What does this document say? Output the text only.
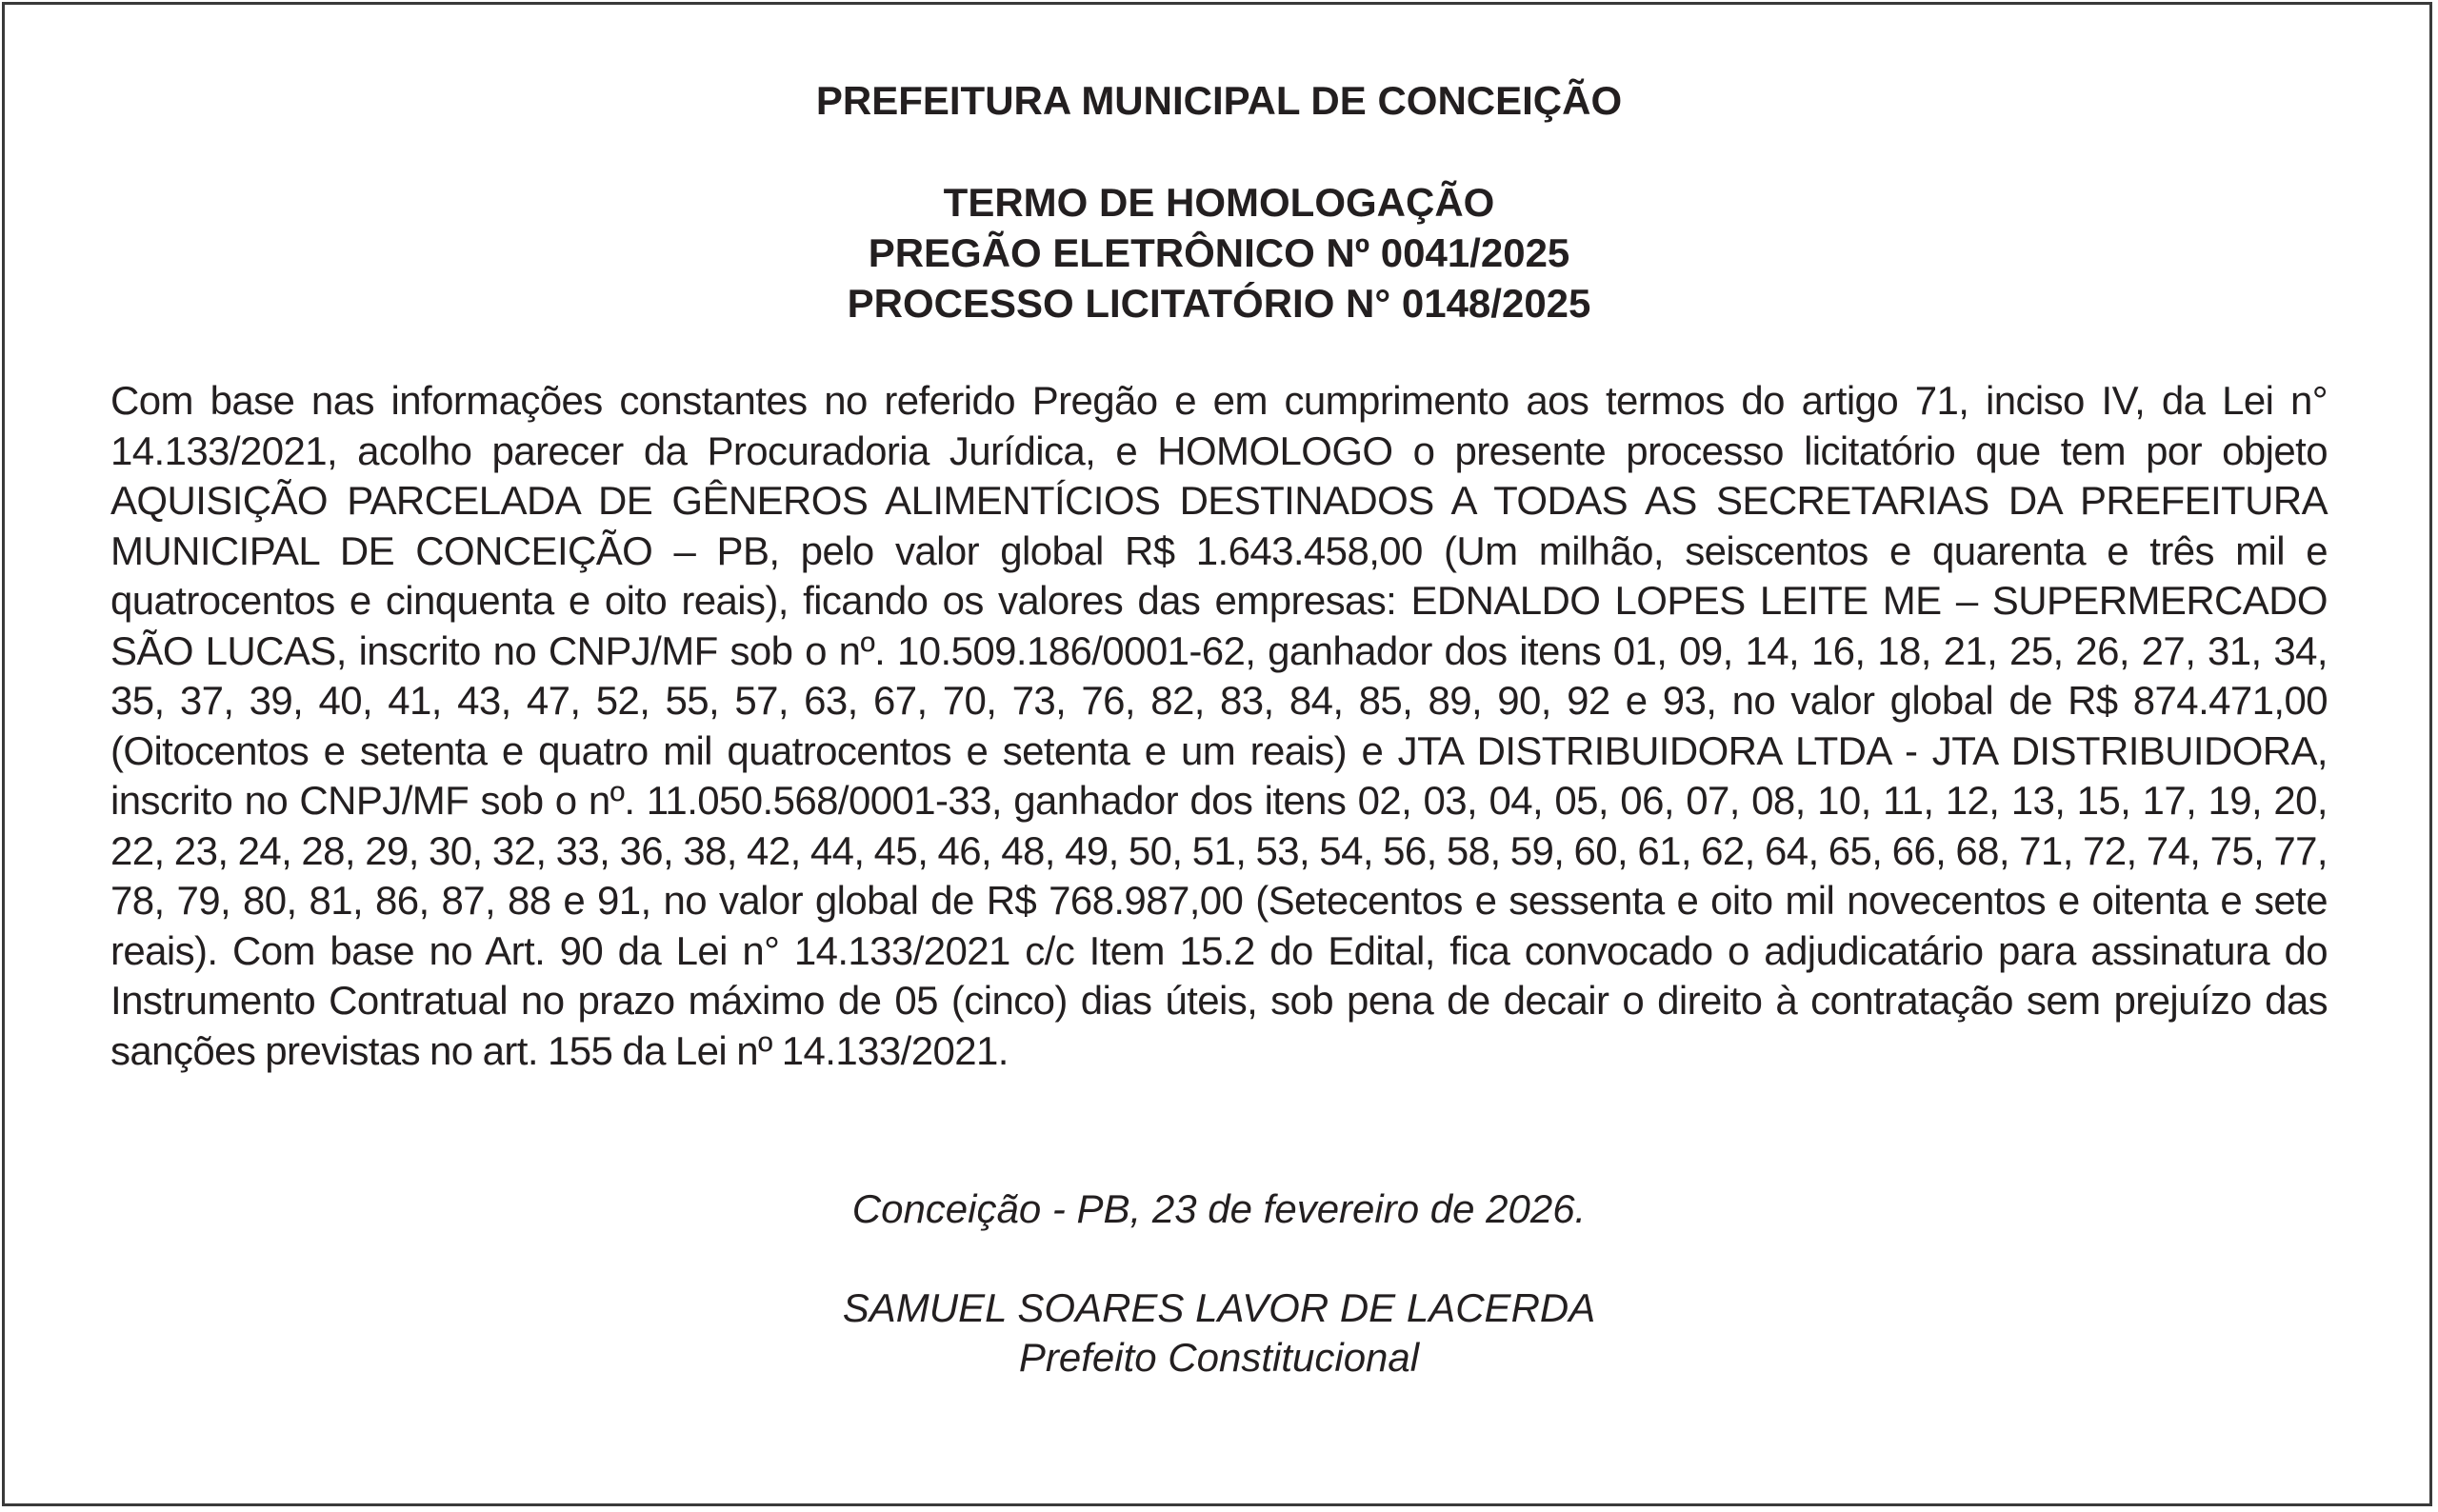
PREFEITURA MUNICIPAL DE CONCEIÇÃO
TERMO DE HOMOLOGAÇÃO
PREGÃO ELETRÔNICO Nº 0041/2025
PROCESSO LICITATÓRIO N° 0148/2025
Com base nas informações constantes no referido Pregão e em cumprimento aos termos do artigo 71, inciso IV, da Lei n° 14.133/2021, acolho parecer da Procuradoria Jurídica, e HOMOLOGO o presente processo licitatório que tem por objeto AQUISIÇÃO PARCELADA DE GÊNEROS ALIMENTÍCIOS DESTINADOS A TODAS AS SECRETARIAS DA PREFEITURA MUNICIPAL DE CONCEIÇÃO – PB, pelo valor global R$ 1.643.458,00 (Um milhão, seiscentos e quarenta e três mil e quatrocentos e cinquenta e oito reais), ficando os valores das empresas: EDNALDO LOPES LEITE ME – SUPERMERCADO SÃO LUCAS, inscrito no CNPJ/MF sob o nº. 10.509.186/0001-62, ganhador dos itens 01, 09, 14, 16, 18, 21, 25, 26, 27, 31, 34, 35, 37, 39, 40, 41, 43, 47, 52, 55, 57, 63, 67, 70, 73, 76, 82, 83, 84, 85, 89, 90, 92 e 93, no valor global de R$ 874.471,00 (Oitocentos e setenta e quatro mil quatrocentos e setenta e um reais) e JTA DISTRIBUIDORA LTDA - JTA DISTRIBUIDORA, inscrito no CNPJ/MF sob o nº. 11.050.568/0001-33, ganhador dos itens 02, 03, 04, 05, 06, 07, 08, 10, 11, 12, 13, 15, 17, 19, 20, 22, 23, 24, 28, 29, 30, 32, 33, 36, 38, 42, 44, 45, 46, 48, 49, 50, 51, 53, 54, 56, 58, 59, 60, 61, 62, 64, 65, 66, 68, 71, 72, 74, 75, 77, 78, 79, 80, 81, 86, 87, 88 e 91, no valor global de R$ 768.987,00 (Setecentos e sessenta e oito mil novecentos e oitenta e sete reais). Com base no Art. 90 da Lei n° 14.133/2021 c/c Item 15.2 do Edital, fica convocado o adjudicatário para assinatura do Instrumento Contratual no prazo máximo de 05 (cinco) dias úteis, sob pena de decair o direito à contratação sem prejuízo das sanções previstas no art. 155 da Lei nº 14.133/2021.
Conceição - PB, 23 de fevereiro de 2026.
SAMUEL SOARES LAVOR DE LACERDA
Prefeito Constitucional
